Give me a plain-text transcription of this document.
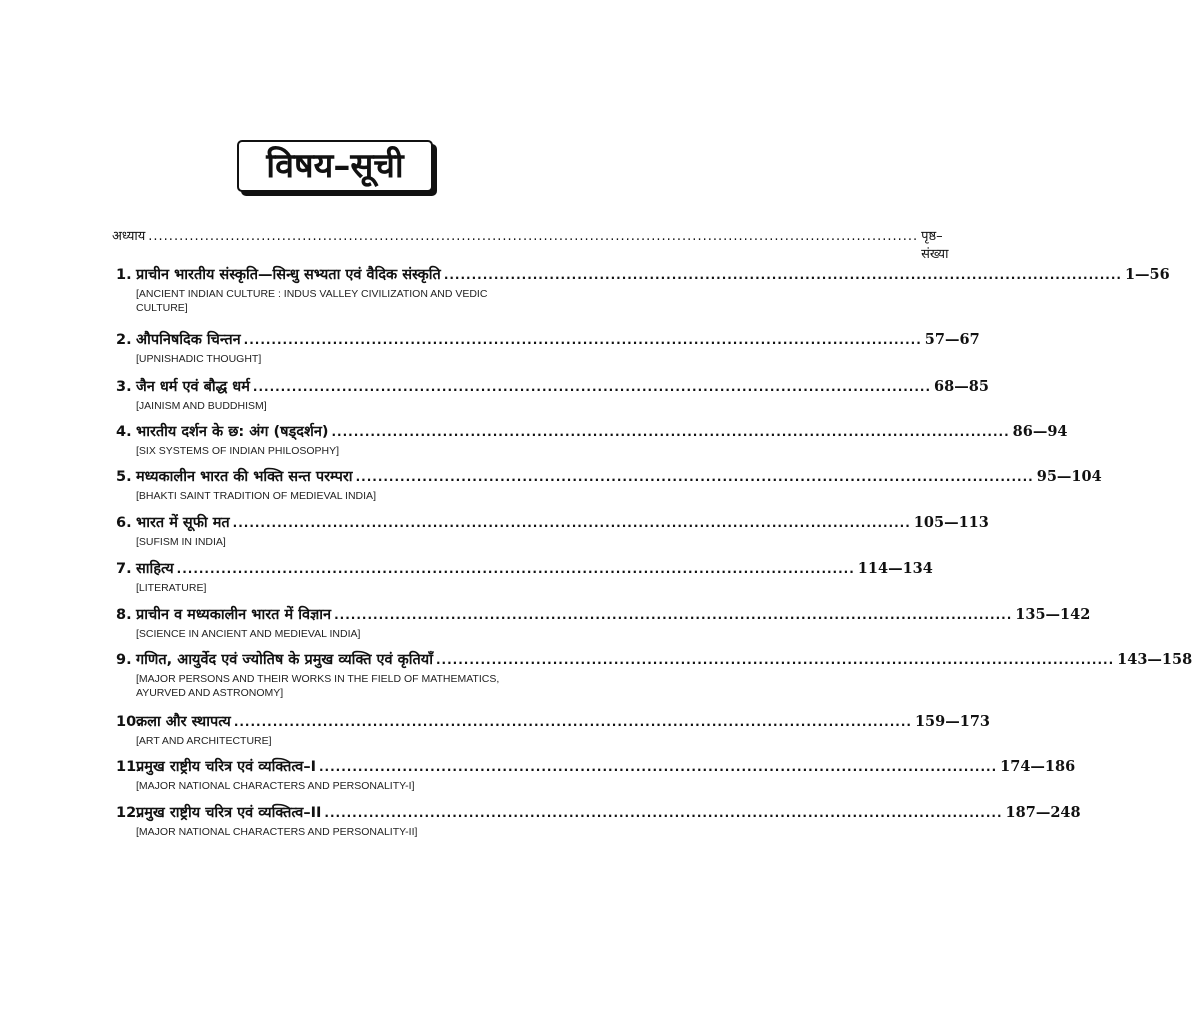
विषय–सूची
अध्याय ...................................................................................................................................................... पृष्ठ–संख्या
1. प्राचीन भारतीय संस्कृति—सिन्धु सभ्यता एवं वैदिक संस्कृति .......................................................................................................................... 1—56
[ANCIENT INDIAN CULTURE : INDUS VALLEY CIVILIZATION AND VEDIC CULTURE]
2. औपनिषदिक चिन्तन .......................................................................................................................... 57—67
[UPNISHADIC THOUGHT]
3. जैन धर्म एवं बौद्ध धर्म .......................................................................................................................... 68—85
[JAINISM AND BUDDHISM]
4. भारतीय दर्शन के छ: अंग (षड्दर्शन) .......................................................................................................................... 86—94
[SIX SYSTEMS OF INDIAN PHILOSOPHY]
5. मध्यकालीन भारत की भक्ति सन्त परम्परा .......................................................................................................................... 95—104
[BHAKTI SAINT TRADITION OF MEDIEVAL INDIA]
6. भारत में सूफी मत .......................................................................................................................... 105—113
[SUFISM IN INDIA]
7. साहित्य .......................................................................................................................... 114—134
[LITERATURE]
8. प्राचीन व मध्यकालीन भारत में विज्ञान .......................................................................................................................... 135—142
[SCIENCE IN ANCIENT AND MEDIEVAL INDIA]
9. गणित, आयुर्वेद एवं ज्योतिष के प्रमुख व्यक्ति एवं कृतियाँ .......................................................................................................................... 143—158
[MAJOR PERSONS AND THEIR WORKS IN THE FIELD OF MATHEMATICS, AYURVED AND ASTRONOMY]
10.
कला और स्थापत्य .......................................................................................................................... 159—173
[ART AND ARCHITECTURE]
11.
प्रमुख राष्ट्रीय चरित्र एवं व्यक्तित्व–I .......................................................................................................................... 174—186
[MAJOR NATIONAL CHARACTERS AND PERSONALITY-I]
12.
प्रमुख राष्ट्रीय चरित्र एवं व्यक्तित्व–II .......................................................................................................................... 187—248
[MAJOR NATIONAL CHARACTERS AND PERSONALITY-II]
